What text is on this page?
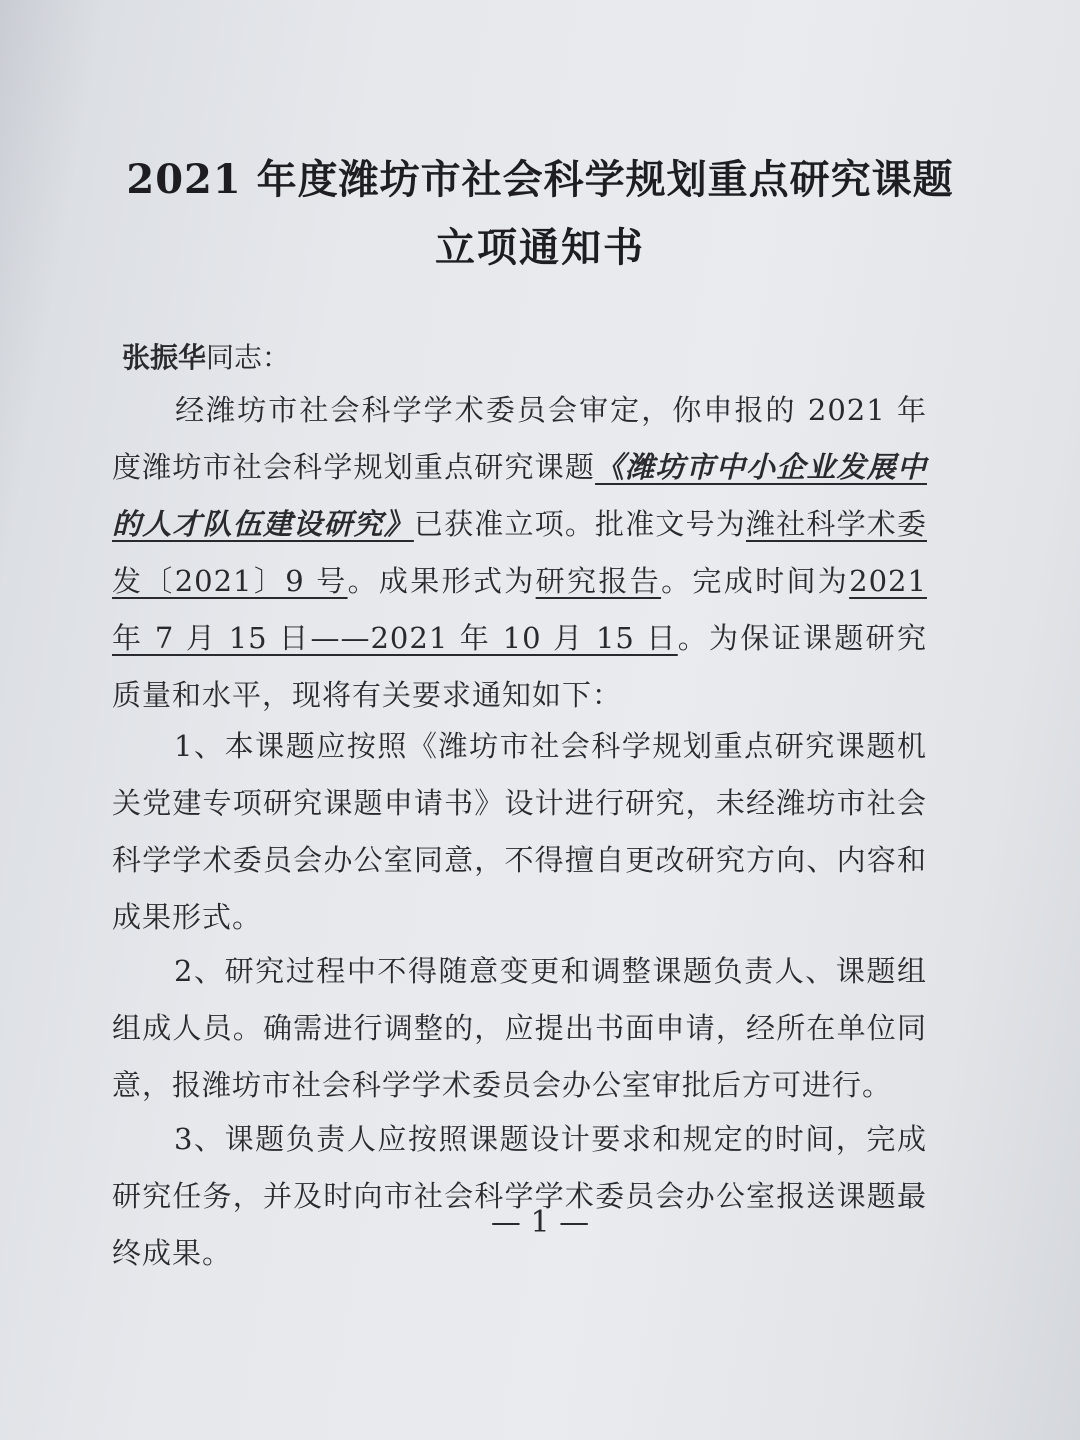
2021 年度潍坊市社会科学规划重点研究课题
立项通知书
张振华同志：
经潍坊市社会科学学术委员会审定，你申报的 2021 年度潍坊市社会科学规划重点研究课题《潍坊市中小企业发展中的人才队伍建设研究》已获准立项。批准文号为潍社科学术委发〔2021〕9 号。成果形式为研究报告。完成时间为2021 年 7 月 15 日——2021 年 10 月 15 日。为保证课题研究质量和水平，现将有关要求通知如下：
1、本课题应按照《潍坊市社会科学规划重点研究课题机关党建专项研究课题申请书》设计进行研究，未经潍坊市社会科学学术委员会办公室同意，不得擅自更改研究方向、内容和成果形式。
2、研究过程中不得随意变更和调整课题负责人、课题组组成人员。确需进行调整的，应提出书面申请，经所在单位同意，报潍坊市社会科学学术委员会办公室审批后方可进行。
3、课题负责人应按照课题设计要求和规定的时间，完成研究任务，并及时向市社会科学学术委员会办公室报送课题最终成果。
— 1 —
